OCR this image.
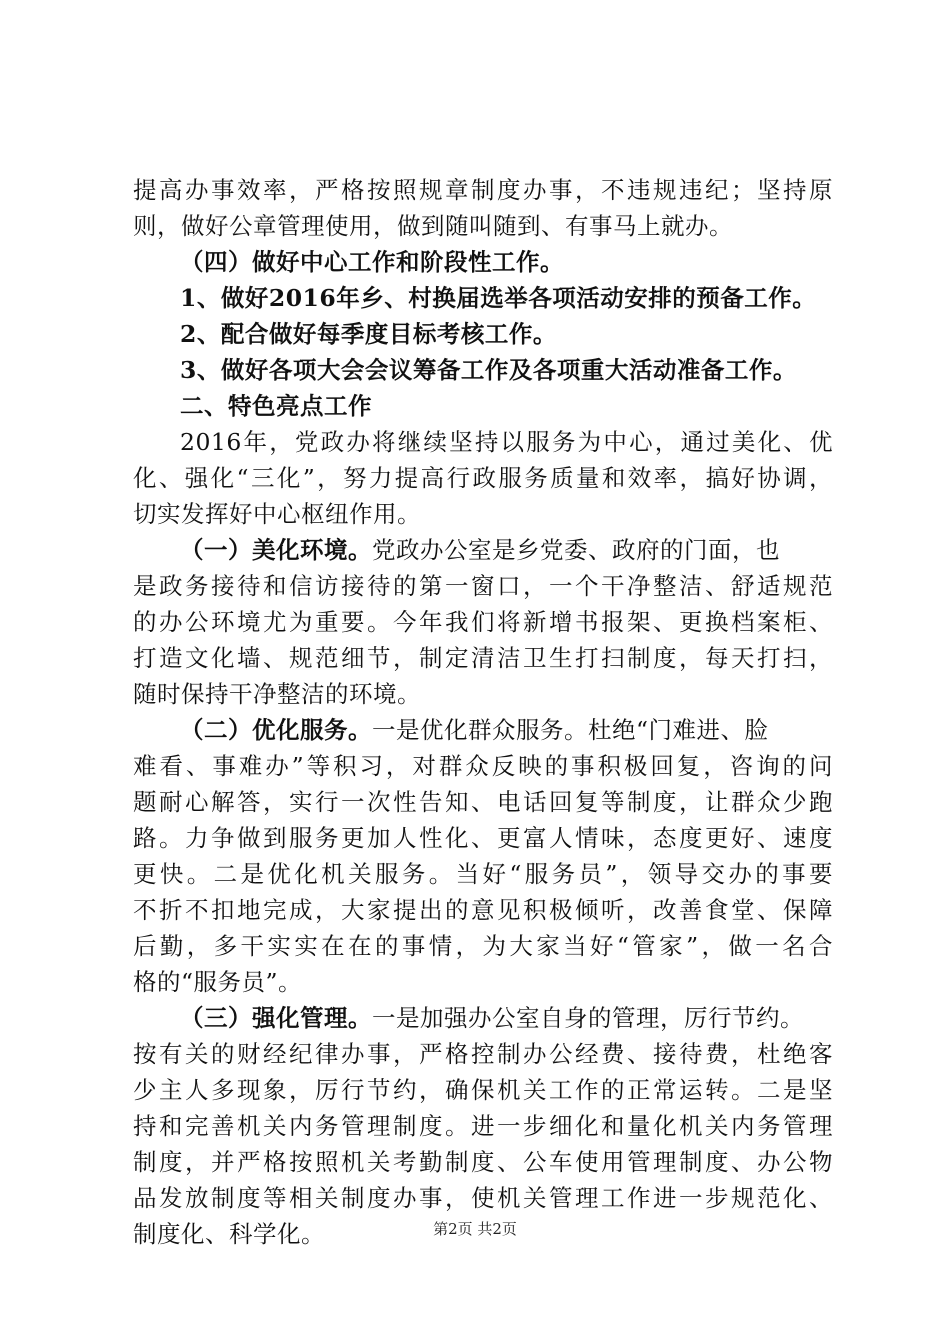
提高办事效率，严格按照规章制度办事，不违规违纪；坚持原
则，做好公章管理使用，做到随叫随到、有事马上就办。
（四）做好中心工作和阶段性工作。
1、做好2016年乡、村换届选举各项活动安排的预备工作。
2、配合做好每季度目标考核工作。
3、做好各项大会会议筹备工作及各项重大活动准备工作。
二、特色亮点工作
2016年，党政办将继续坚持以服务为中心，通过美化、优
化、强化“三化”，努力提高行政服务质量和效率，搞好协调，
切实发挥好中心枢纽作用。
（一）美化环境。党政办公室是乡党委、政府的门面，也
是政务接待和信访接待的第一窗口，一个干净整洁、舒适规范
的办公环境尤为重要。今年我们将新增书报架、更换档案柜、
打造文化墙、规范细节，制定清洁卫生打扫制度，每天打扫，
随时保持干净整洁的环境。
（二）优化服务。一是优化群众服务。杜绝“门难进、脸
难看、事难办”等积习，对群众反映的事积极回复，咨询的问
题耐心解答，实行一次性告知、电话回复等制度，让群众少跑
路。力争做到服务更加人性化、更富人情味，态度更好、速度
更快。二是优化机关服务。当好“服务员”，领导交办的事要
不折不扣地完成，大家提出的意见积极倾听，改善食堂、保障
后勤，多干实实在在的事情，为大家当好“管家”，做一名合
格的“服务员”。
（三）强化管理。一是加强办公室自身的管理，厉行节约。
按有关的财经纪律办事，严格控制办公经费、接待费，杜绝客
少主人多现象，厉行节约，确保机关工作的正常运转。二是坚
持和完善机关内务管理制度。进一步细化和量化机关内务管理
制度，并严格按照机关考勤制度、公车使用管理制度、办公物
品发放制度等相关制度办事，使机关管理工作进一步规范化、
制度化、科学化。	第2页 共2页
